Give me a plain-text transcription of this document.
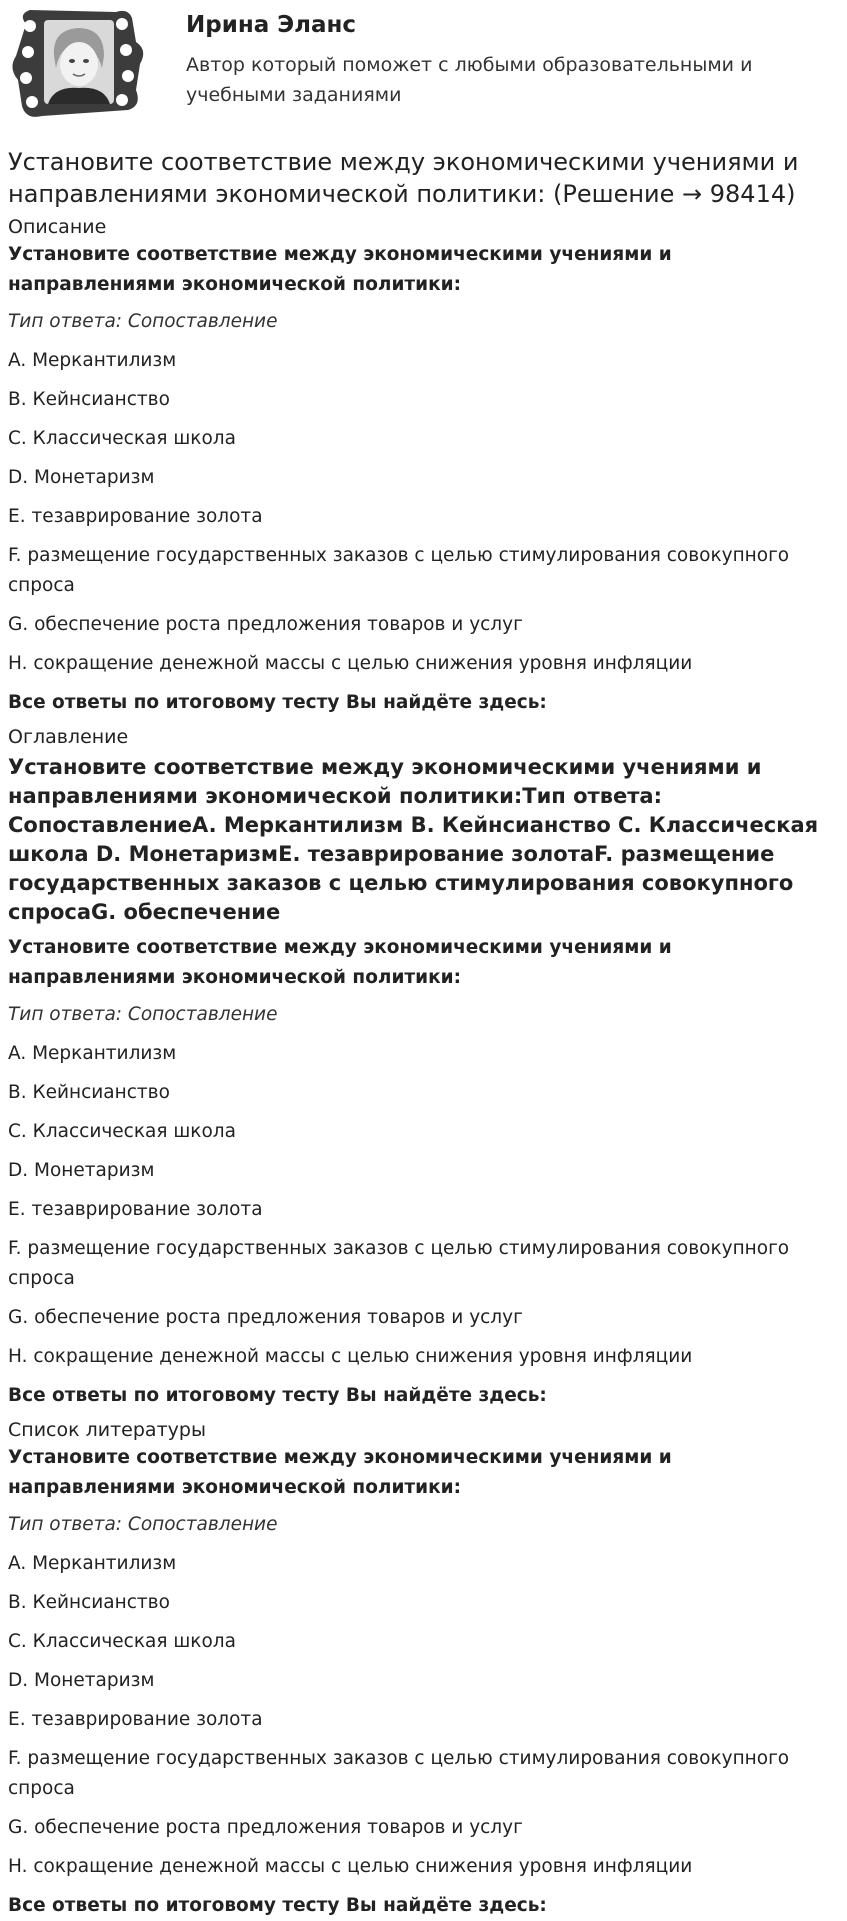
Ирина Эланс
Автор который поможет с любыми образовательными и учебными заданиями
Установите соответствие между экономическими учениями и направлениями экономической политики: (Решение → 98414)
Описание
Установите соответствие между экономическими учениями и направлениями экономической политики:
Тип ответа: Сопоставление
A. Меркантилизм
B. Кейнсианство
C. Классическая школа
D. Монетаризм
E. тезаврирование золота
F. размещение государственных заказов с целью стимулирования совокупного спроса
G. обеспечение роста предложения товаров и услуг
H. сокращение денежной массы с целью снижения уровня инфляции
Все ответы по итоговому тесту Вы найдёте здесь:
Оглавление
Установите соответствие между экономическими учениями и направлениями экономической политики:Тип ответа: СопоставлениеA. Меркантилизм B. Кейнсианство C. Классическая школа D. МонетаризмE. тезаврирование золотаF. размещение государственных заказов с целью стимулирования совокупного спросаG. обеспечение
Установите соответствие между экономическими учениями и направлениями экономической политики:
Тип ответа: Сопоставление
A. Меркантилизм
B. Кейнсианство
C. Классическая школа
D. Монетаризм
E. тезаврирование золота
F. размещение государственных заказов с целью стимулирования совокупного спроса
G. обеспечение роста предложения товаров и услуг
H. сокращение денежной массы с целью снижения уровня инфляции
Все ответы по итоговому тесту Вы найдёте здесь:
Список литературы
Установите соответствие между экономическими учениями и направлениями экономической политики:
Тип ответа: Сопоставление
A. Меркантилизм
B. Кейнсианство
C. Классическая школа
D. Монетаризм
E. тезаврирование золота
F. размещение государственных заказов с целью стимулирования совокупного спроса
G. обеспечение роста предложения товаров и услуг
H. сокращение денежной массы с целью снижения уровня инфляции
Все ответы по итоговому тесту Вы найдёте здесь:
